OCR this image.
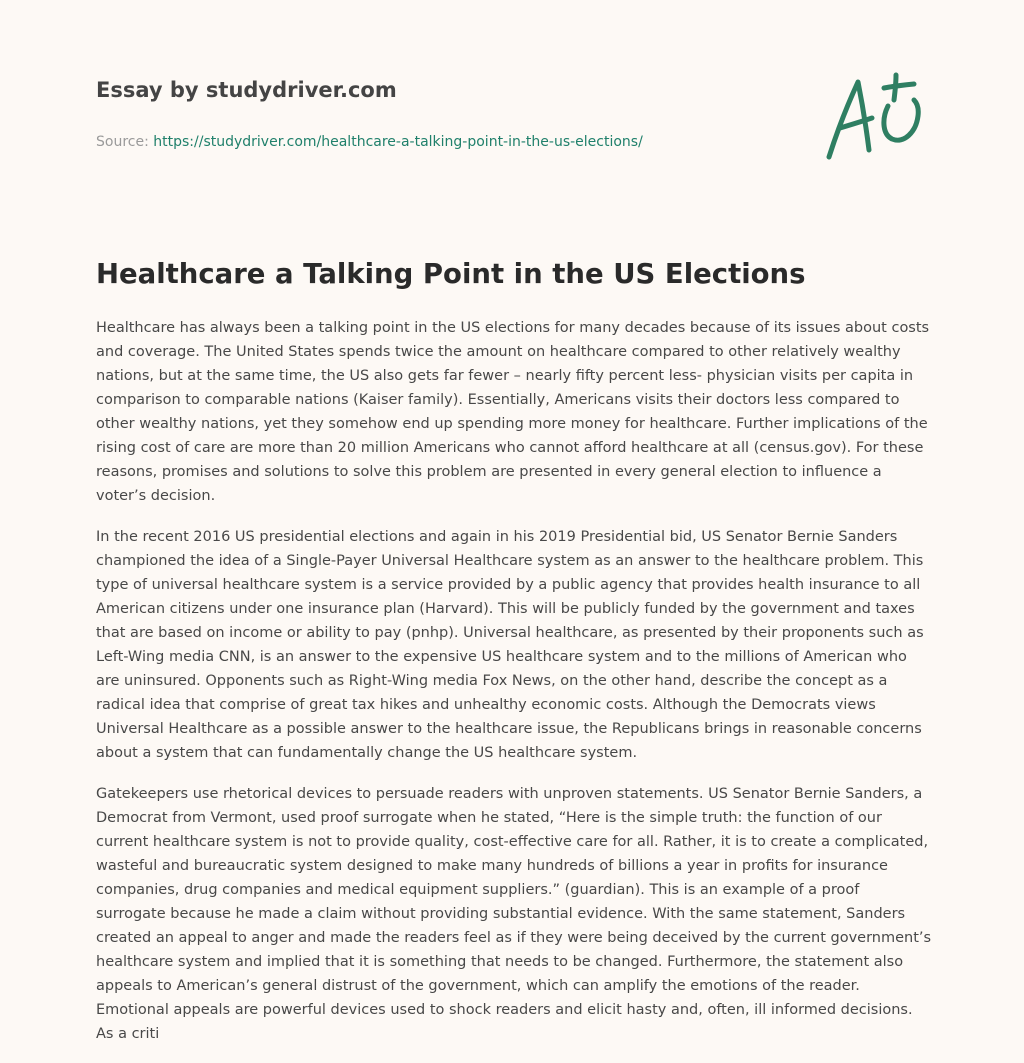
Essay by studydriver.com
Source: https://studydriver.com/healthcare-a-talking-point-in-the-us-elections/
Healthcare a Talking Point in the US Elections

Healthcare has always been a talking point in the US elections for many decades because of its issues about costs and coverage. The United States spends twice the amount on healthcare compared to other relatively wealthy nations, but at the same time, the US also gets far fewer – nearly fifty percent less- physician visits per capita in comparison to comparable nations (Kaiser family). Essentially, Americans visits their doctors less compared to other wealthy nations, yet they somehow end up spending more money for healthcare. Further implications of the rising cost of care are more than 20 million Americans who cannot afford healthcare at all (census.gov). For these reasons, promises and solutions to solve this problem are presented in every general election to influence a voter’s decision.

In the recent 2016 US presidential elections and again in his 2019 Presidential bid, US Senator Bernie Sanders championed the idea of a Single-Payer Universal Healthcare system as an answer to the healthcare problem. This type of universal healthcare system is a service provided by a public agency that provides health insurance to all American citizens under one insurance plan (Harvard). This will be publicly funded by the government and taxes that are based on income or ability to pay (pnhp). Universal healthcare, as presented by their proponents such as Left-Wing media CNN, is an answer to the expensive US healthcare system and to the millions of American who are uninsured. Opponents such as Right-Wing media Fox News, on the other hand, describe the concept as a radical idea that comprise of great tax hikes and unhealthy economic costs. Although the Democrats views Universal Healthcare as a possible answer to the healthcare issue, the Republicans brings in reasonable concerns about a system that can fundamentally change the US healthcare system.

Gatekeepers use rhetorical devices to persuade readers with unproven statements. US Senator Bernie Sanders, a Democrat from Vermont, used proof surrogate when he stated, “Here is the simple truth: the function of our current healthcare system is not to provide quality, cost-effective care for all. Rather, it is to create a complicated, wasteful and bureaucratic system designed to make many hundreds of billions a year in profits for insurance companies, drug companies and medical equipment suppliers.” (guardian). This is an example of a proof surrogate because he made a claim without providing substantial evidence. With the same statement, Sanders created an appeal to anger and made the readers feel as if they were being deceived by the current government’s healthcare system and implied that it is something that needs to be changed. Furthermore, the statement also appeals to American’s general distrust of the government, which can amplify the emotions of the reader. Emotional appeals are powerful devices used to shock readers and elicit hasty and, often, ill informed decisions. As a criti
